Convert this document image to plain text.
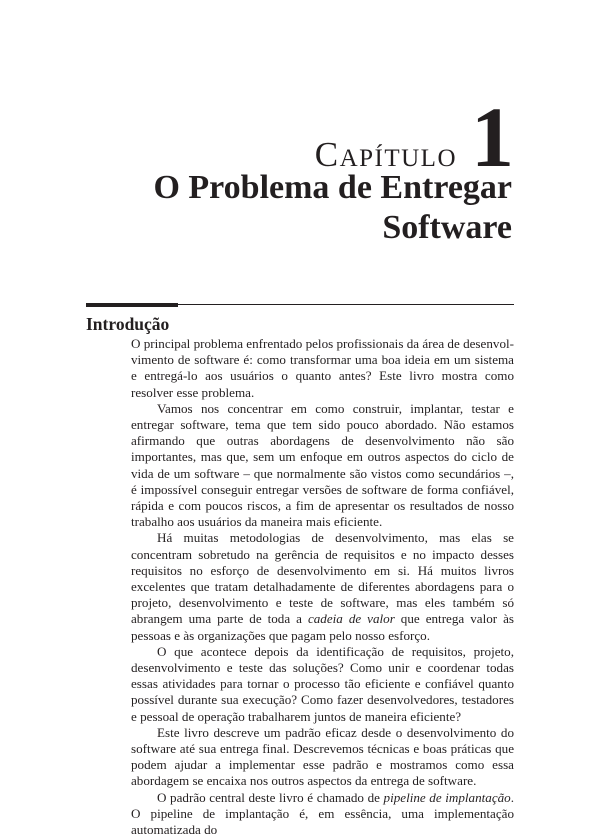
Capítulo 1
O Problema de Entregar
Software
Introdução

O principal problema enfrentado pelos profissionais da área de desenvolvimento de software é: como transformar uma boa ideia em um sistema e entregá-lo aos usuários o quanto antes? Este livro mostra como resolver esse problema.

Vamos nos concentrar em como construir, implantar, testar e entregar software, tema que tem sido pouco abordado. Não estamos afirmando que outras abordagens de desenvolvimento não são importantes, mas que, sem um enfoque em outros aspectos do ciclo de vida de um software – que normalmente são vistos como secundários –, é impossível conseguir entregar versões de software de forma confiável, rápida e com poucos riscos, a fim de apresentar os resultados de nosso trabalho aos usuários da maneira mais eficiente.

Há muitas metodologias de desenvolvimento, mas elas se concentram sobretudo na gerência de requisitos e no impacto desses requisitos no esforço de desenvolvimento em si. Há muitos livros excelentes que tratam detalhadamente de diferentes abordagens para o projeto, desenvolvimento e teste de software, mas eles também só abrangem uma parte de toda a cadeia de valor que entrega valor às pessoas e às organizações que pagam pelo nosso esforço.

O que acontece depois da identificação de requisitos, projeto, desenvolvimento e teste das soluções? Como unir e coordenar todas essas atividades para tornar o processo tão eficiente e confiável quanto possível durante sua execução? Como fazer desenvolvedores, testadores e pessoal de operação trabalharem juntos de maneira eficiente?

Este livro descreve um padrão eficaz desde o desenvolvimento do software até sua entrega final. Descrevemos técnicas e boas práticas que podem ajudar a implementar esse padrão e mostramos como essa abordagem se encaixa nos outros aspectos da entrega de software.

O padrão central deste livro é chamado de pipeline de implantação. O pipeline de implantação é, em essência, uma implementação automatizada do
